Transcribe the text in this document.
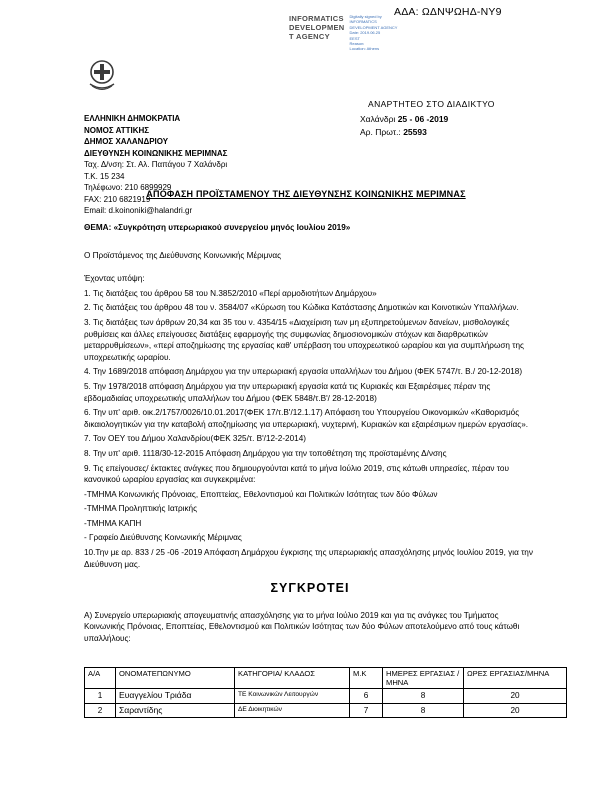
ΑΔΑ: ΩΔΝΨΩΗΔ-ΝΥ9
INFORMATICS
DEVELOPMEN
T AGENCY
Digitally signed by
INFORMATICS
DEVELOPMENT AGENCY
Date: 2019.06.25
EEST
Reason:
Location: Athens
ΑΝΑΡΤΗΤΕΟ ΣΤΟ ΔΙΑΔΙΚΤΥΟ
ΕΛΛΗΝΙΚΗ ΔΗΜΟΚΡΑΤΙΑ
ΝΟΜΟΣ ΑΤΤΙΚΗΣ
ΔΗΜΟΣ ΧΑΛΑΝΔΡΙΟΥ
ΔΙΕΥΘΥΝΣΗ ΚΟΙΝΩΝΙΚΗΣ ΜΕΡΙΜΝΑΣ
Ταχ. Δ/νση: Στ. Αλ. Παπάγου 7 Χαλάνδρι
Τ.Κ. 15 234
Τηλέφωνο: 210 6899929
FAX: 210 6821919
Email: d.koinoniki@halandri.gr
Χαλάνδρι 25 - 06 -2019
Αρ. Πρωτ.: 25593
ΑΠΟΦΑΣΗ ΠΡΟΪΣΤΑΜΕΝΟΥ ΤΗΣ ΔΙΕΥΘΥΝΣΗΣ ΚΟΙΝΩΝΙΚΗΣ ΜΕΡΙΜΝΑΣ
ΘΕΜΑ: «Συγκρότηση υπερωριακού συνεργείου μηνός Ιουλίου 2019»
Ο Προϊστάμενος της Διεύθυνσης Κοινωνικής Μέριμνας
Έχοντας υπόψη:
1. Τις διατάξεις του άρθρου 58 του Ν.3852/2010 «Περί αρμοδιοτήτων Δημάρχου»
2. Τις διατάξεις του άρθρου 48 του ν. 3584/07 «Κύρωση του Κώδικα Κατάστασης Δημοτικών και Κοινοτικών Υπαλλήλων.
3. Τις διατάξεις των άρθρων 20,34 και 35 του ν. 4354/15 «Διαχείριση των μη εξυπηρετούμενων δανείων, μισθολογικές ρυθμίσεις και άλλες επείγουσες διατάξεις εφαρμογής της συμφωνίας δημοσιονομικών στόχων και διαρθρωτικών μεταρρυθμίσεων», «περί αποζημίωσης της εργασίας καθ' υπέρβαση του υποχρεωτικού ωραρίου και για συμπλήρωση της υποχρεωτικής ωραρίου.
4. Την 1689/2018 απόφαση Δημάρχου για την υπερωριακή εργασία υπαλλήλων του Δήμου (ΦΕΚ 5747/τ. Β./ 20-12-2018)
5. Την 1978/2018 απόφαση Δημάρχου για την υπερωριακή εργασία κατά τις Κυριακές και Εξαιρέσιμες πέραν της εβδομαδιαίας υποχρεωτικής υπαλλήλων του Δήμου (ΦΕΚ 5848/τ.Β'/ 28-12-2018)
6. Την υπ' αριθ. οικ.2/1757/0026/10.01.2017(ΦΕΚ 17/τ.Β'/12.1.17) Απόφαση του Υπουργείου Οικονομικών «Καθορισμός δικαιολογητικών για την καταβολή αποζημίωσης για υπερωριακή, νυχτερινή, Κυριακών και εξαιρέσιμων ημερών εργασίας».
7. Τον ΟΕΥ του Δήμου Χαλανδρίου(ΦΕΚ 325/τ. Β'/12-2-2014)
8. Την υπ' αριθ. 1118/30-12-2015 Απόφαση Δημάρχου για την τοποθέτηση της προϊσταμένης Δ/νσης
9. Τις επείγουσες/ έκτακτες ανάγκες που δημιουργούνται κατά το μήνα Ιούλιο 2019, στις κάτωθι υπηρεσίες, πέραν του κανονικού ωραρίου εργασίας και συγκεκριμένα:
-ΤΜΗΜΑ Κοινωνικής Πρόνοιας, Εποπτείας, Εθελοντισμού και Πολιτικών Ισότητας των δύο Φύλων
-ΤΜΗΜΑ Προληπτικής Ιατρικής
-ΤΜΗΜΑ ΚΑΠΗ
- Γραφείο Διεύθυνσης Κοινωνικής Μέριμνας
10.Την με αρ. 833 / 25 -06 -2019 Απόφαση Δημάρχου έγκρισης της υπερωριακής απασχόλησης μηνός Ιουλίου 2019, για την Διεύθυνση μας.
ΣΥΓΚΡΟΤΕΙ
Α) Συνεργείο υπερωριακής απογευματινής απασχόλησης για το μήνα Ιούλιο 2019 και για τις ανάγκες του Τμήματος Κοινωνικής Πρόνοιας, Εποπτείας, Εθελοντισμού και Πολιτικών Ισότητας των δύο Φύλων αποτελούμενο από τους κάτωθι υπαλλήλους:
Α/Α	ΟΝΟΜΑΤΕΠΩΝΥΜΟ	ΚΑΤΗΓΟΡΙΑ/ ΚΛΑΔΟΣ	Μ.Κ	ΗΜΕΡΕΣ ΕΡΓΑΣΙΑΣ /ΜΗΝΑ	ΩΡΕΣ ΕΡΓΑΣΙΑΣ/ΜΗΝΑ
1	Ευαγγελίου Τριάδα	ΤΕ Κοινωνικών Λειτουργών	6	8	20
2	Σαραντίδης	ΔΕ Διοικητικών	7	8	20
